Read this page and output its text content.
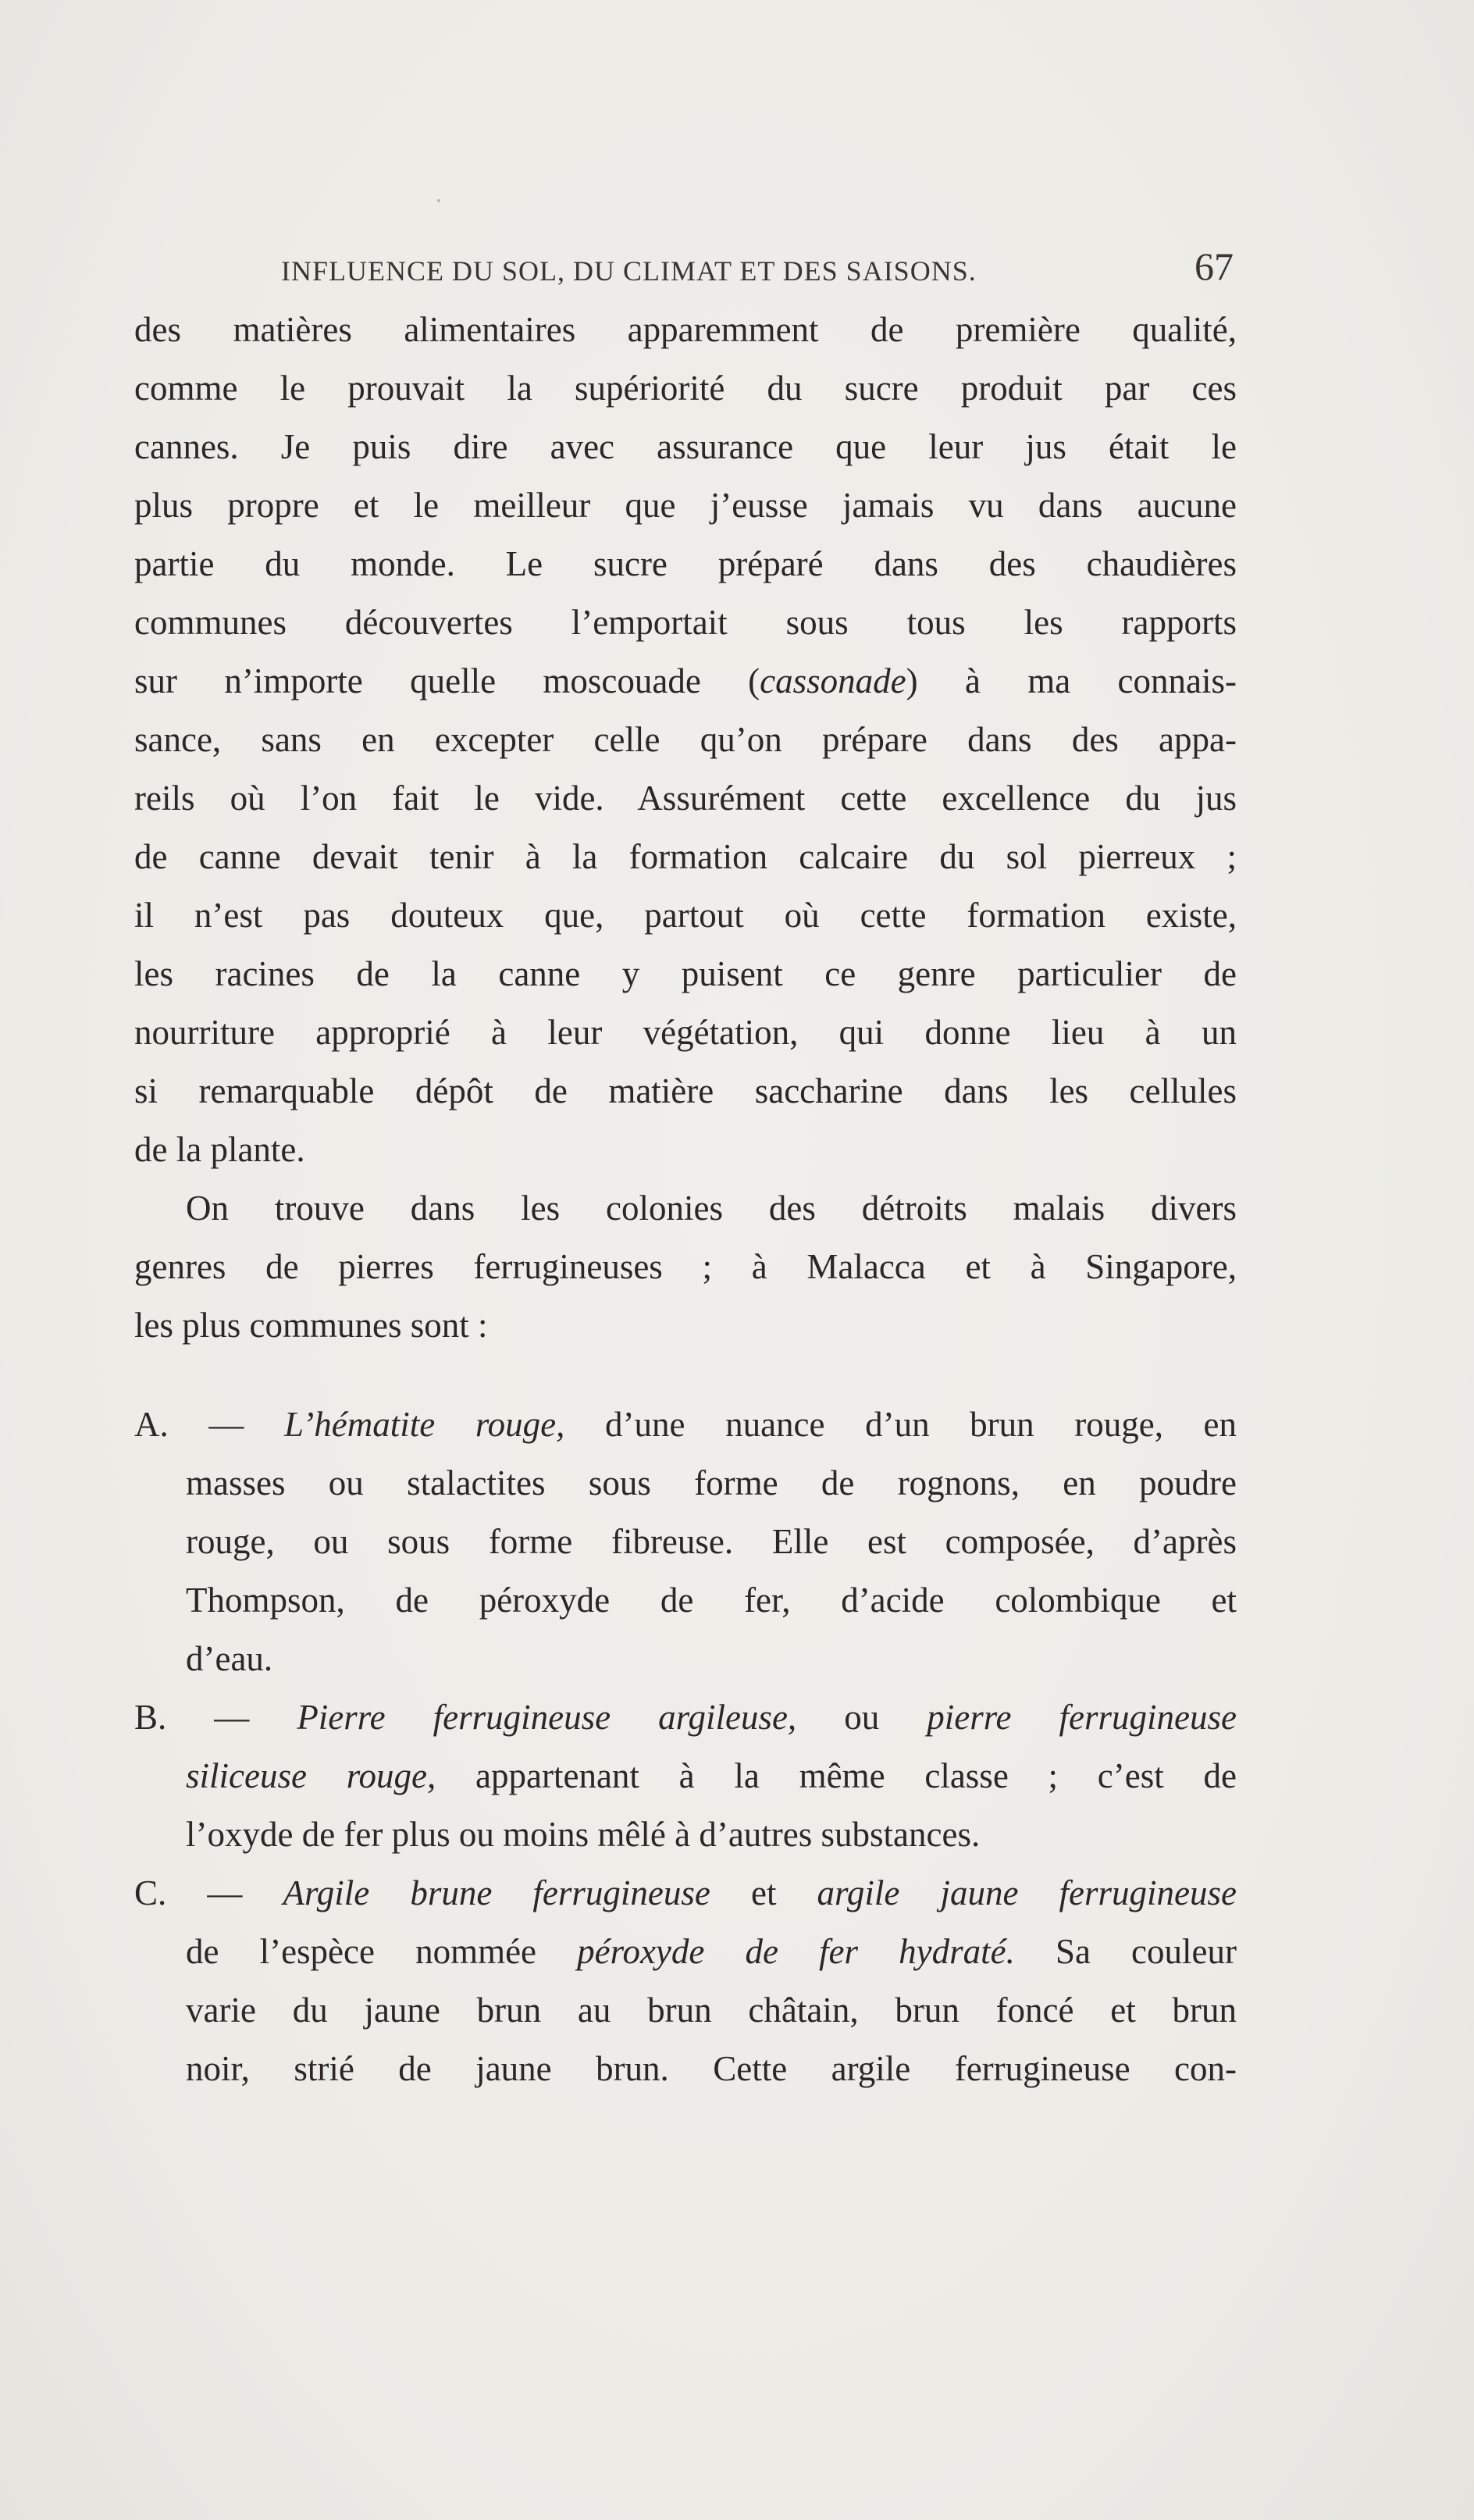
INFLUENCE DU SOL, DU CLIMAT ET DES SAISONS.	67
des matières alimentaires apparemment de première qualité,
comme le prouvait la supériorité du sucre produit par ces
cannes. Je puis dire avec assurance que leur jus était le
plus propre et le meilleur que j’eusse jamais vu dans aucune
partie du monde. Le sucre préparé dans des chaudières
communes découvertes l’emportait sous tous les rapports
sur n’importe quelle moscouade (cassonade) à ma connais-
sance, sans en excepter celle qu’on prépare dans des appa-
reils où l’on fait le vide. Assurément cette excellence du jus
de canne devait tenir à la formation calcaire du sol pierreux ;
il n’est pas douteux que, partout où cette formation existe,
les racines de la canne y puisent ce genre particulier de
nourriture approprié à leur végétation, qui donne lieu à un
si remarquable dépôt de matière saccharine dans les cellules
de la plante.
On trouve dans les colonies des détroits malais divers
genres de pierres ferrugineuses ; à Malacca et à Singapore,
les plus communes sont :
A. — L’hématite rouge, d’une nuance d’un brun rouge, en
masses ou stalactites sous forme de rognons, en poudre
rouge, ou sous forme fibreuse. Elle est composée, d’après
Thompson, de péroxyde de fer, d’acide colombique et
d’eau.
B. — Pierre ferrugineuse argileuse, ou pierre ferrugineuse
siliceuse rouge, appartenant à la même classe ; c’est de
l’oxyde de fer plus ou moins mêlé à d’autres substances.
C. — Argile brune ferrugineuse et argile jaune ferrugineuse
de l’espèce nommée péroxyde de fer hydraté. Sa couleur
varie du jaune brun au brun châtain, brun foncé et brun
noir, strié de jaune brun. Cette argile ferrugineuse con-
